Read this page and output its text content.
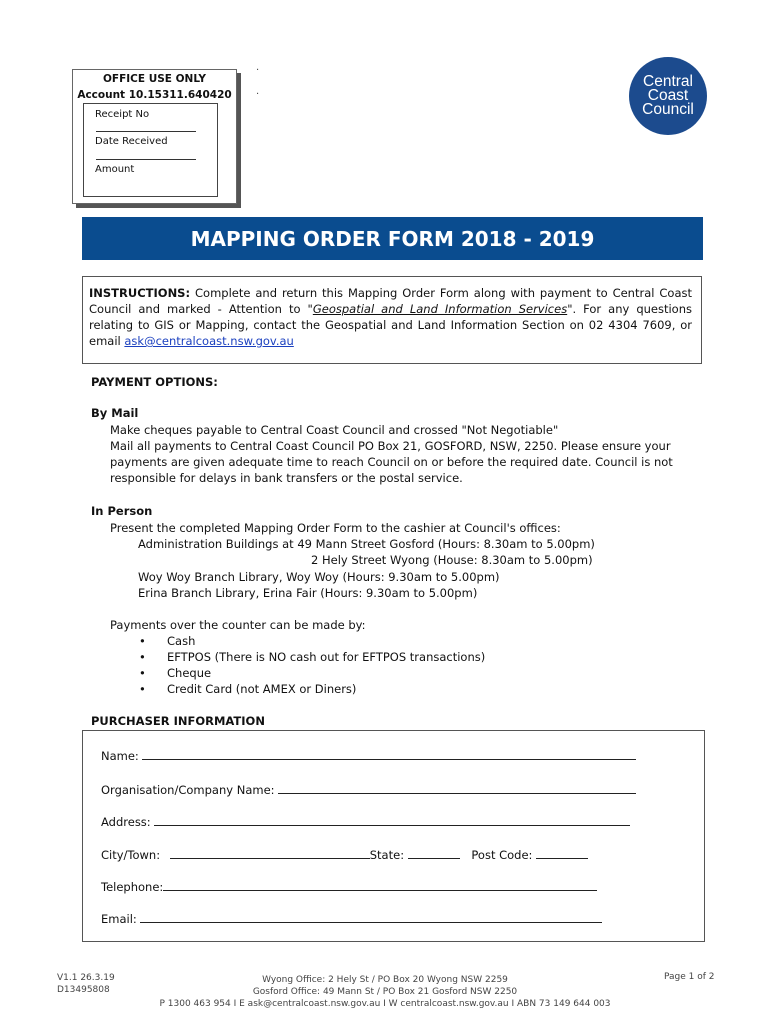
OFFICE USE ONLY
Account 10.15311.640420
Receipt No
Date Received
Amount
.
.
Central
Coast
Council
MAPPING ORDER FORM 2018 - 2019
INSTRUCTIONS: Complete and return this Mapping Order Form along with payment to Central Coast Council and marked - Attention to "Geospatial and Land Information Services". For any questions relating to GIS or Mapping, contact the Geospatial and Land Information Section on 02 4304 7609, or email ask@centralcoast.nsw.gov.au
PAYMENT OPTIONS:
By Mail
Make cheques payable to Central Coast Council and crossed "Not Negotiable"
Mail all payments to Central Coast Council PO Box 21, GOSFORD, NSW, 2250. Please ensure your
payments are given adequate time to reach Council on or before the required date. Council is not
responsible for delays in bank transfers or the postal service.
In Person
Present the completed Mapping Order Form to the cashier at Council's offices:
Administration Buildings at 49 Mann Street Gosford (Hours: 8.30am to 5.00pm)
2 Hely Street Wyong (House: 8.30am to 5.00pm)
Woy Woy Branch Library, Woy Woy (Hours: 9.30am to 5.00pm)
Erina Branch Library, Erina Fair (Hours: 9.30am to 5.00pm)
Payments over the counter can be made by:
• Cash
• EFTPOS (There is NO cash out for EFTPOS transactions)
• Cheque
• Credit Card (not AMEX or Diners)
PURCHASER INFORMATION
Name:
Organisation/Company Name:
Address:
City/Town:	State:	Post Code:
Telephone:
Email:
V1.1 26.3.19
D13495808
Wyong Office: 2 Hely St / PO Box 20 Wyong NSW 2259
Gosford Office: 49 Mann St / PO Box 21 Gosford NSW 2250
P 1300 463 954 I E ask@centralcoast.nsw.gov.au I W centralcoast.nsw.gov.au I ABN 73 149 644 003
Page 1 of 2
